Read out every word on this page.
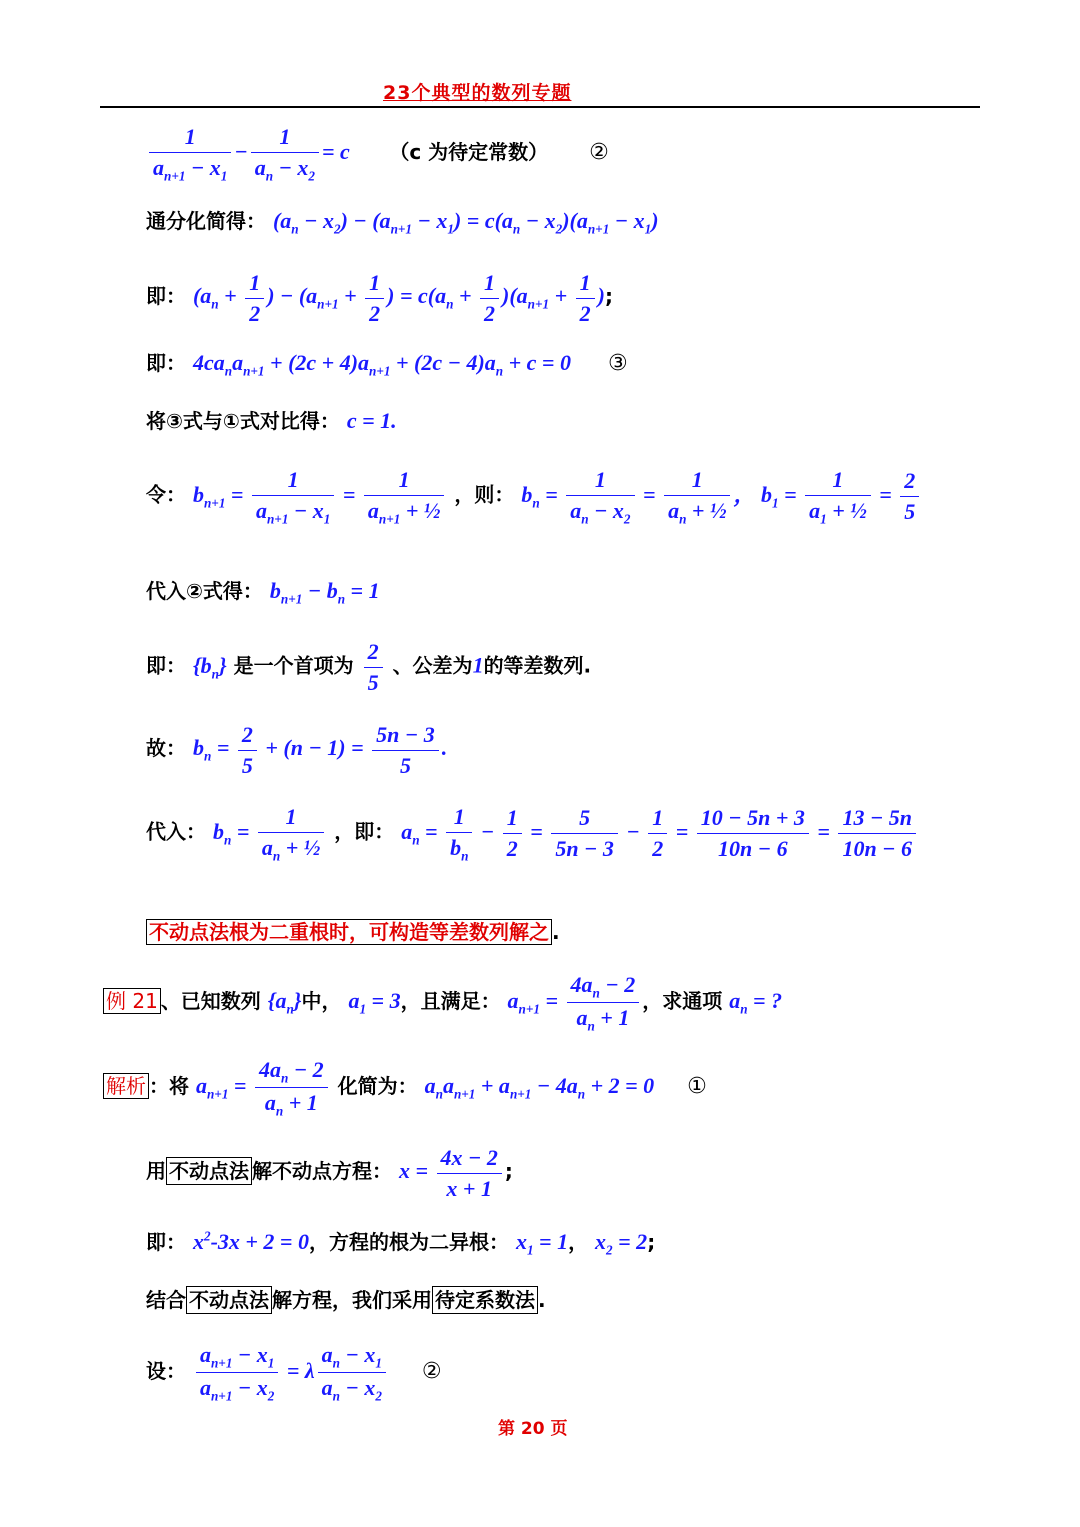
23个典型的数列专题
$\frac{1}{a_{n+1} - x_1} - \frac{1}{a_n - x_2} = c$ （c 为待定常数） ②
通分化简得： $(a_n - x_2) - (a_{n+1} - x_1) = c(a_n - x_2)(a_{n+1} - x_1)$
即： ($a_n + \frac{1}{2}$ ) − ($a_{n+1} + \frac{1}{2}$ ) = $c(a_n + \frac{1}{2} )(a_{n+1} + \frac{1}{2}$ );
即： $4ca_na_{n+1} + (2c + 4)a_{n+1} + (2c - 4)a_n + c = 0$ ③
将③式与①式对比得： c = 1.
令： $b_{n+1} = \frac{1}{a_{n+1} - x_1} = \frac{1}{a_{n+1} + \frac{1}{2}}$ ，则： $b_n = \frac{1}{a_n - x_2} = \frac{1}{a_n + \frac{1}{2}}$ ， $b_1 = \frac{1}{a_1 + \frac{1}{2}} = \frac{2}{5}$
代入②式得： $b_{n+1} - b_n = 1$
即： $\{b_n\}$ 是一个首项为 $\frac{2}{5}$ 、公差为1的等差数列.
故： $b_n = \frac{2}{5} + (n - 1) = \frac{5n - 3}{5}$ .
代入： $b_n = \frac{1}{a_n + \frac{1}{2}}$ ，即： $a_n = \frac{1}{b_n} - \frac{1}{2} = \frac{5}{5n - 3} - \frac{1}{2} = \frac{10 - 5n + 3}{10n - 6} = \frac{13 - 5n}{10n - 6}$
不动点法根为二重根时，可构造等差数列解之 .
例 21 、已知数列 $\{a_n\}$中， $a_1 = 3$，且满足： $a_{n+1} = \frac{4a_n - 2}{a_n + 1}$ ，求通项 $a_n$ = ?
解析 ：将 $a_{n+1} = \frac{4a_n - 2}{a_n + 1}$ 化简为： $a_na_{n+1} + a_{n+1} - 4a_n + 2 = 0$ ①
用 不动点法 解不动点方程： $x = \frac{4x - 2}{x + 1}$ ;
即： $x^2-3x + 2 = 0$，方程的根为二异根： $x_1 = 1$， $x_2 = 2$;
结合 不动点法 解方程，我们采用 待定系数法 .
设： $\frac{a_{n+1} - x_1}{a_{n+1} - x_2} = \lambda \frac{a_n - x_1}{a_n - x_2}$ ②
第 20 页
